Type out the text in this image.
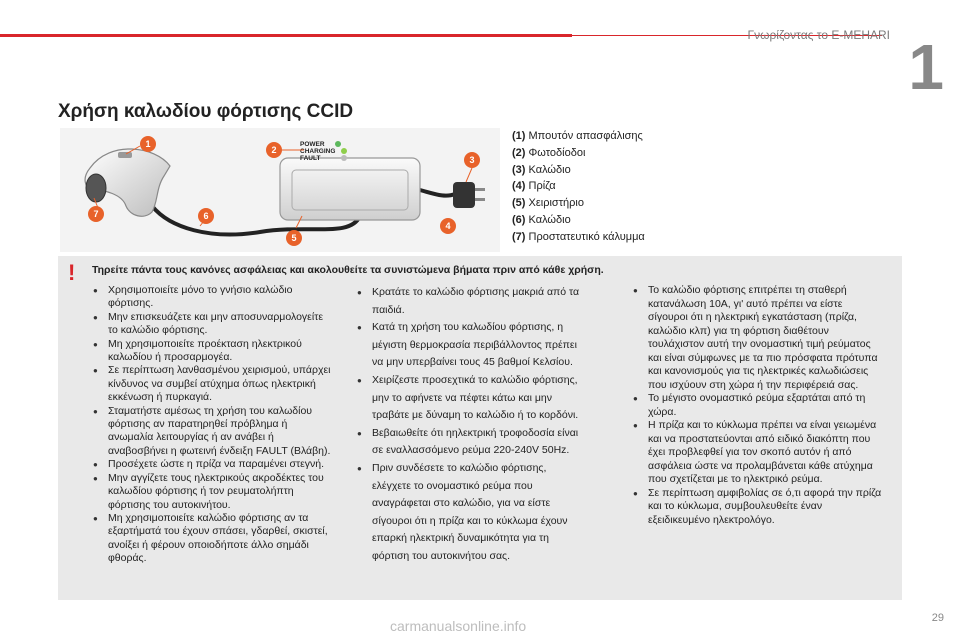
Γνωρίζοντας το E-MEHARI 1
Χρήση καλωδίου φόρτισης CCID
POWER
CHARGING
FAULT
1
2
3
4
5
6
7
(1) Μπουτόν απασφάλισης
(2) Φωτοδίοδοι
(3) Καλώδιο
(4) Πρίζα
(5) Χειριστήριο
(6) Καλώδιο
(7) Προστατευτικό κάλυμμα
! Τηρείτε πάντα τους κανόνες ασφάλειας και ακολουθείτε τα συνιστώμενα βήματα πριν από κάθε χρήση.
● Χρησιμοποιείτε μόνο το γνήσιο καλώδιο φόρτισης.
● Μην επισκευάζετε και μην αποσυναρμολογείτε το καλώδιο φόρτισης.
● Μη χρησιμοποιείτε προέκταση ηλεκτρικού καλωδίου ή προσαρμογέα.
● Σε περίπτωση λανθασμένου χειρισμού, υπάρχει κίνδυνος να συμβεί ατύχημα όπως ηλεκτρική εκκένωση ή πυρκαγιά.
● Σταματήστε αμέσως τη χρήση του καλωδίου φόρτισης αν παρατηρηθεί πρόβλημα ή ανωμαλία λειτουργίας ή αν ανάβει ή αναβοσβήνει η φωτεινή ένδειξη FAULT (Βλάβη).
● Προσέχετε ώστε η πρίζα να παραμένει στεγνή.
● Μην αγγίζετε τους ηλεκτρικούς ακροδέκτες του καλωδίου φόρτισης ή τον ρευματολήπτη φόρτισης του αυτοκινήτου.
● Μη χρησιμοποιείτε καλώδιο φόρτισης αν τα εξαρτήματά του έχουν σπάσει, γδαρθεί, σκιστεί, ανοίξει ή φέρουν οποιοδήποτε άλλο σημάδι φθοράς.
● Κρατάτε το καλώδιο φόρτισης μακριά από τα παιδιά.
● Κατά τη χρήση του καλωδίου φόρτισης, η μέγιστη θερμοκρασία περιβάλλοντος πρέπει να μην υπερβαίνει τους 45 βαθμοί Κελσίου.
● Χειρίζεστε προσεχτικά το καλώδιο φόρτισης, μην το αφήνετε να πέφτει κάτω και μην τραβάτε με δύναμη το καλώδιο ή το κορδόνι.
● Βεβαιωθείτε ότι ηηλεκτρική τροφοδοσία είναι σε εναλλασσόμενο ρεύμα 220-240V 50Hz.
● Πριν συνδέσετε το καλώδιο φόρτισης, ελέγχετε το ονομαστικό ρεύμα που αναγράφεται στο καλώδιο, για να είστε σίγουροι ότι η πρίζα και το κύκλωμα έχουν επαρκή ηλεκτρική δυναμικότητα για τη φόρτιση του αυτοκινήτου σας.
● Το καλώδιο φόρτισης επιτρέπει τη σταθερή κατανάλωση 10A, γι' αυτό πρέπει να είστε σίγουροι ότι η ηλεκτρική εγκατάσταση (πρίζα, καλώδιο κλπ) για τη φόρτιση διαθέτουν τουλάχιστον αυτή την ονομαστική τιμή ρεύματος και είναι σύμφωνες με τα πιο πρόσφατα πρότυπα και κανονισμούς για τις ηλεκτρικές καλωδιώσεις που ισχύουν στη χώρα ή την περιφέρειά σας.
● Το μέγιστο ονομαστικό ρεύμα εξαρτάται από τη χώρα.
● Η πρίζα και το κύκλωμα πρέπει να είναι γειωμένα και να προστατεύονται από ειδικό διακόπτη που έχει προβλεφθεί για τον σκοπό αυτόν ή από ασφάλεια ώστε να προλαμβάνεται κάθε ατύχημα που σχετίζεται με το ηλεκτρικό ρεύμα.
● Σε περίπτωση αμφιβολίας σε ό,τι αφορά την πρίζα και το κύκλωμα, συμβουλευθείτε έναν εξειδικευμένο ηλεκτρολόγο.
29
carmanualsonline.info
